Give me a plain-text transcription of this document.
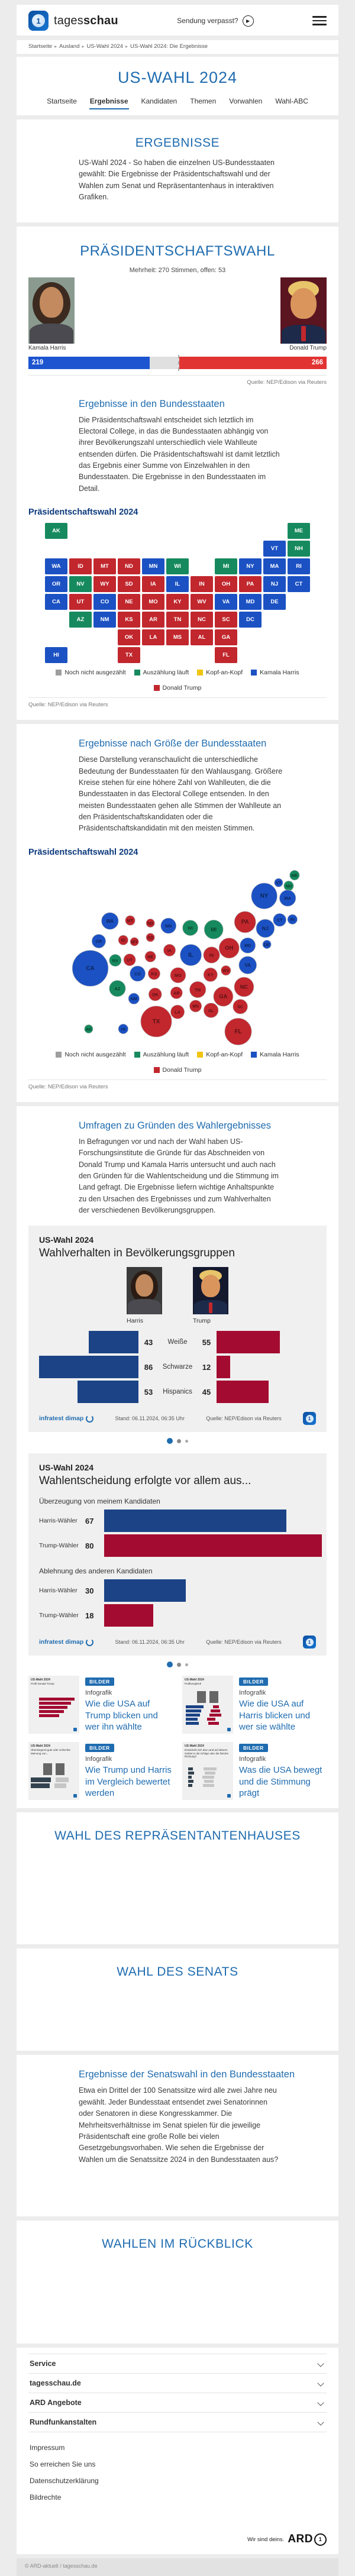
1	tagesschau	Sendung verpasst?	▶
Startseite ▸ Ausland ▸ US-Wahl 2024 ▸ US-Wahl 2024: Die Ergebnisse
US-WAHL 2024
Startseite Ergebnisse Kandidaten Themen Vorwahlen Wahl-ABC
ERGEBNISSE

US-Wahl 2024 - So haben die einzelnen US-Bundesstaaten gewählt: Die Ergebnisse der Präsidentschaftswahl und der Wahlen zum Senat und Repräsentantenhaus in interaktiven Grafiken.

PRÄSIDENTSCHAFTSWAHL
Mehrheit: 270 Stimmen, offen: 53
Kamala Harris	Donald Trump
219	266
Quelle: NEP/Edison via Reuters
Ergebnisse in den Bundesstaaten

Die Präsidentschaftswahl entscheidet sich letztlich im Electoral College, in das die Bundesstaaten abhängig von ihrer Bevölkerungszahl unterschiedlich viele Wahlleute entsenden dürfen. Die Präsidentschaftswahl ist damit letztlich das Ergebnis einer Summe von Einzelwahlen in den Bundesstaaten. Die Ergebnisse in den Bundesstaaten im Detail.

Präsidentschaftswahl 2024
AK	ME
VT	NH
WA	ID	MT	ND	MN	WI	MI	NY	MA	RI
OR	NV	WY	SD	IA	IL	IN	OH	PA	NJ	CT
CA	UT	CO	NE	MO	KY	WV	VA	MD	DE
AZ	NM	KS	AR	TN	NC	SC	DC
OK	LA	MS	AL	GA
HI	TX	FL
Noch nicht ausgezählt	Auszählung läuft	Kopf-an-Kopf	Kamala Harris
Donald Trump
Quelle: NEP/Edison via Reuters
Ergebnisse nach Größe der Bundesstaaten

Diese Darstellung veranschaulicht die unterschiedliche Bedeutung der Bundesstaaten für den Wahlausgang. Größere Kreise stehen für eine höhere Zahl von Wahlleuten, die die Bundesstaaten in das Electoral College entsenden. In den meisten Bundesstaaten gehen alle Stimmen der Wahlleute an den Präsidentschaftskandidaten oder die Präsidentschaftskandidatin mit den meisten Stimmen.

Präsidentschaftswahl 2024
AK
ME
VT
NH
WA
ID
MT	ND MN	WI	MI
NY	MA
RI
OR
NV
WY
SD
IA
IL	IN
OH
PA
NJ
CT
CA
UT
CO
NE
MO	KY
WV
VA
MD	DE
AZ
NM
KS
AR
TN	NC
SC
OK
LA
MS
AL
GA
HI
TX
FL
Noch nicht ausgezählt	Auszählung läuft	Kopf-an-Kopf	Kamala Harris
Donald Trump
Quelle: NEP/Edison via Reuters
Umfragen zu Gründen des Wahlergebnisses

In Befragungen vor und nach der Wahl haben US-Forschungsinstitute die Gründe für das Abschneiden von Donald Trump und Kamala Harris untersucht und auch nach den Gründen für die Wahlentscheidung und die Stimmung im Land gefragt. Die Ergebnisse liefern wichtige Anhaltspunkte zu den Ursachen des Ergebnisses und zum Wahlverhalten der verschiedenen Bevölkerungsgruppen.

US-Wahl 2024
Wahlverhalten in Bevölkerungsgruppen
Harris	Trump
43	Weiße	55
86	Schwarze	12
53	Hispanics	45
infratest dimap	Stand: 06.11.2024, 06:35 Uhr	Quelle: NEP/Edison via Reuters	1
US-Wahl 2024
Wahlentscheidung erfolgte vor allem aus...
Überzeugung von meinem Kandidaten
Harris-Wähler	67
Trump-Wähler 80
Ablehnung des anderen Kandidaten
Harris-Wähler	30
Trump-Wähler 18
infratest dimap	Stand: 06.11.2024, 06:35 Uhr	Quelle: NEP/Edison via Reuters	1
US-Wahl 2024
Profil Donald Trump	BILDER
Infografik
Wie die USA auf Trump blicken und wer ihn wählte
US-Wahl 2024
Profilvergleich	BILDER
Infografik
Wie die USA auf Harris blicken und wer sie wählte
US-Wahl 2024
Überwiegend gute oder schlechte Meinung von...
BILDER
Infografik
Wie Trump und Harris im Vergleich bewertet werden
US-Wahl 2024
Entwickelt sich das Land auf diesem Gebiet in die richtige oder die falsche Richtung?
BILDER
Infografik
Was die USA bewegt und die Stimmung prägt
WAHL DES REPRÄSENTANTENHAUSES
WAHL DES SENATS
Ergebnisse der Senatswahl in den Bundesstaaten

Etwa ein Drittel der 100 Senatssitze wird alle zwei Jahre neu gewählt. Jeder Bundesstaat entsendet zwei Senatorinnen oder Senatoren in diese Kongresskammer. Die Mehrheitsverhältnisse im Senat spielen für die jeweilige Präsidentschaft eine große Rolle bei vielen Gesetzgebungsvorhaben. Wie sehen die Ergebnisse der Wahlen um die Senatssitze 2024 in den Bundesstaaten aus?

WAHLEN IM RÜCKBLICK
Service
tagesschau.de
ARD Angebote
Rundfunkanstalten
Impressum
So erreichen Sie uns
Datenschutzerklärung
Bildrechte
Wir sind deins. ARD	1
© ARD-aktuell / tagesschau.de
